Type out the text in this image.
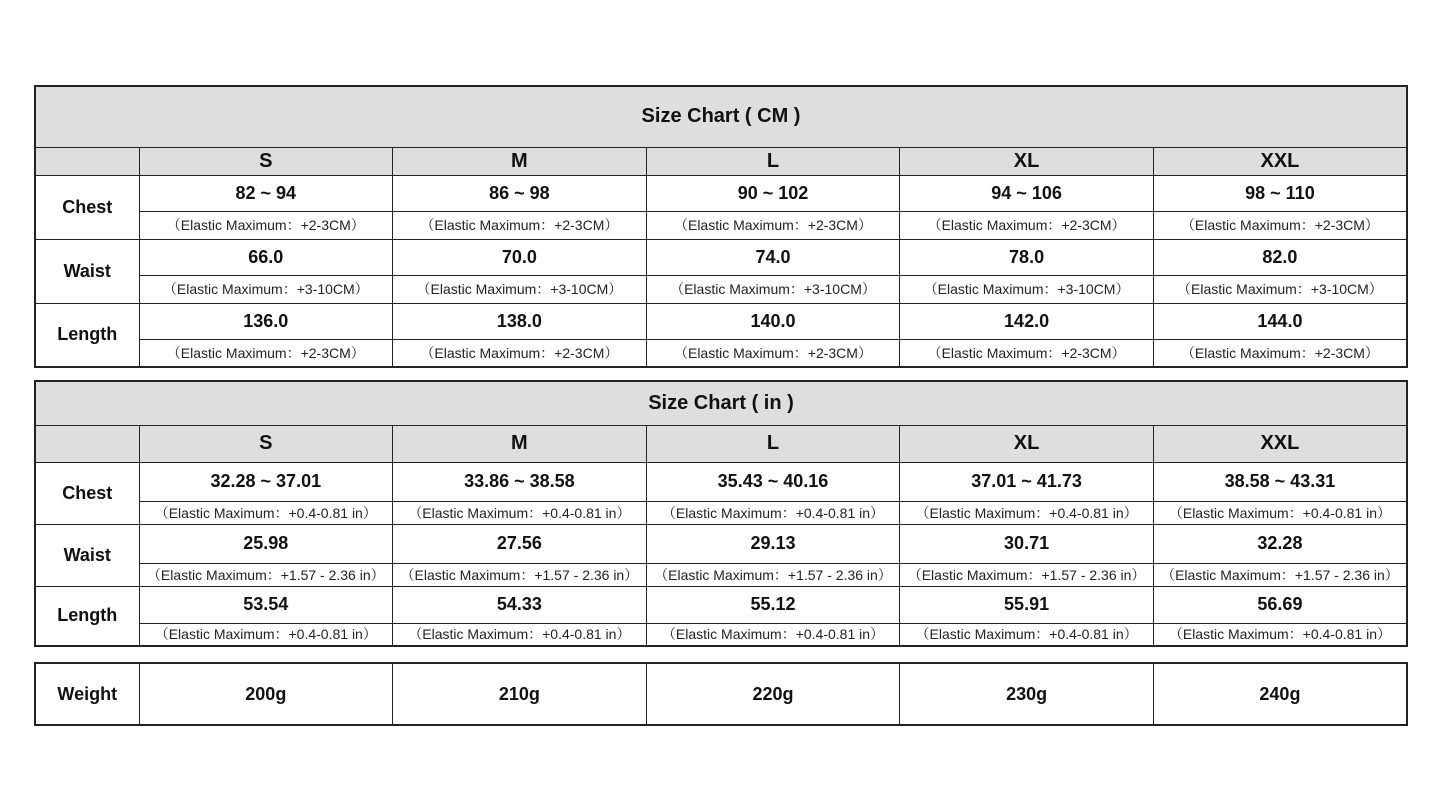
Size Chart ( CM )					
	S	M	L	XL	XXL
Chest	82 ~ 94	86 ~ 98	90 ~ 102	94 ~ 106	98 ~ 110
	（Elastic Maximum：+2-3CM）	（Elastic Maximum：+2-3CM）	（Elastic Maximum：+2-3CM）	（Elastic Maximum：+2-3CM）	（Elastic Maximum：+2-3CM）
Waist	66.0	70.0	74.0	78.0	82.0
	（Elastic Maximum：+3-10CM）	（Elastic Maximum：+3-10CM）	（Elastic Maximum：+3-10CM）	（Elastic Maximum：+3-10CM）	（Elastic Maximum：+3-10CM）
Length	136.0	138.0	140.0	142.0	144.0
	（Elastic Maximum：+2-3CM）	（Elastic Maximum：+2-3CM）	（Elastic Maximum：+2-3CM）	（Elastic Maximum：+2-3CM）	（Elastic Maximum：+2-3CM）
Size Chart ( in )					
	S	M	L	XL	XXL
Chest	32.28 ~ 37.01	33.86 ~ 38.58	35.43 ~ 40.16	37.01 ~ 41.73	38.58 ~ 43.31
	（Elastic Maximum：+0.4-0.81 in）	（Elastic Maximum：+0.4-0.81 in）	（Elastic Maximum：+0.4-0.81 in）	（Elastic Maximum：+0.4-0.81 in）	（Elastic Maximum：+0.4-0.81 in）
Waist	25.98	27.56	29.13	30.71	32.28
	（Elastic Maximum：+1.57 - 2.36 in）	（Elastic Maximum：+1.57 - 2.36 in）	（Elastic Maximum：+1.57 - 2.36 in）	（Elastic Maximum：+1.57 - 2.36 in）	（Elastic Maximum：+1.57 - 2.36 in）
Length	53.54	54.33	55.12	55.91	56.69
	（Elastic Maximum：+0.4-0.81 in）	（Elastic Maximum：+0.4-0.81 in）	（Elastic Maximum：+0.4-0.81 in）	（Elastic Maximum：+0.4-0.81 in）	（Elastic Maximum：+0.4-0.81 in）
Weight	200g	210g	220g	230g	240g
